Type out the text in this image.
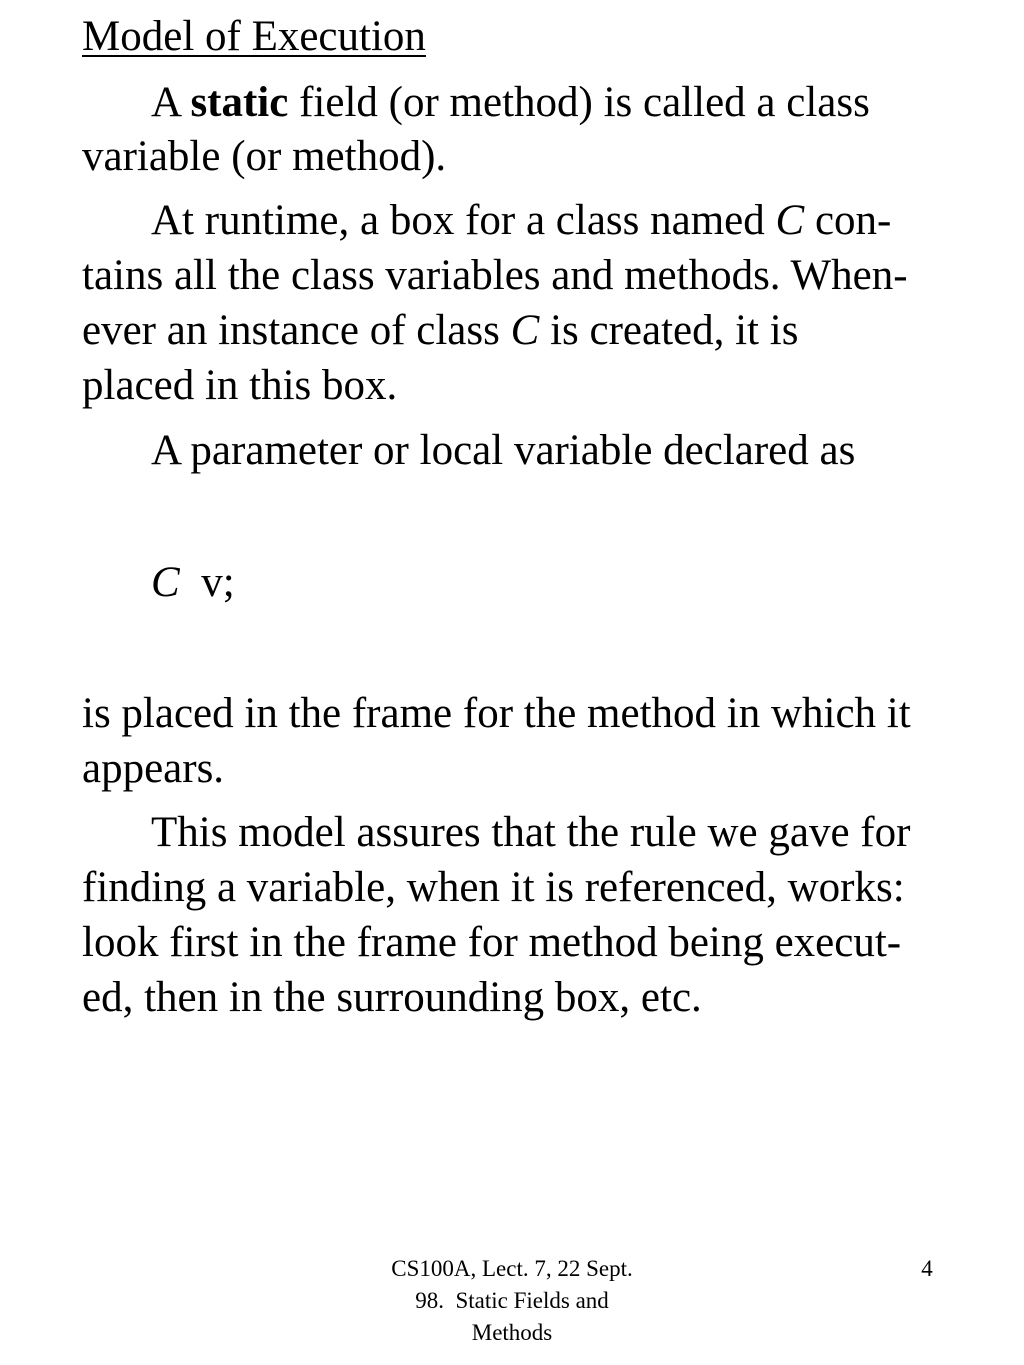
Model of Execution

A static field (or method) is called a class

variable (or method).

At runtime, a box for a class named C con-

tains all the class variables and methods. When-

ever an instance of class C is created, it is

placed in this box.

A parameter or local variable declared as

C  v;

is placed in the frame for the method in which it

appears.

This model assures that the rule we gave for

finding a variable, when it is referenced, works:

look first in the frame for method being execut-

ed, then in the surrounding box, etc.

CS100A, Lect. 7, 22 Sept.
98.  Static Fields and
Methods
4
